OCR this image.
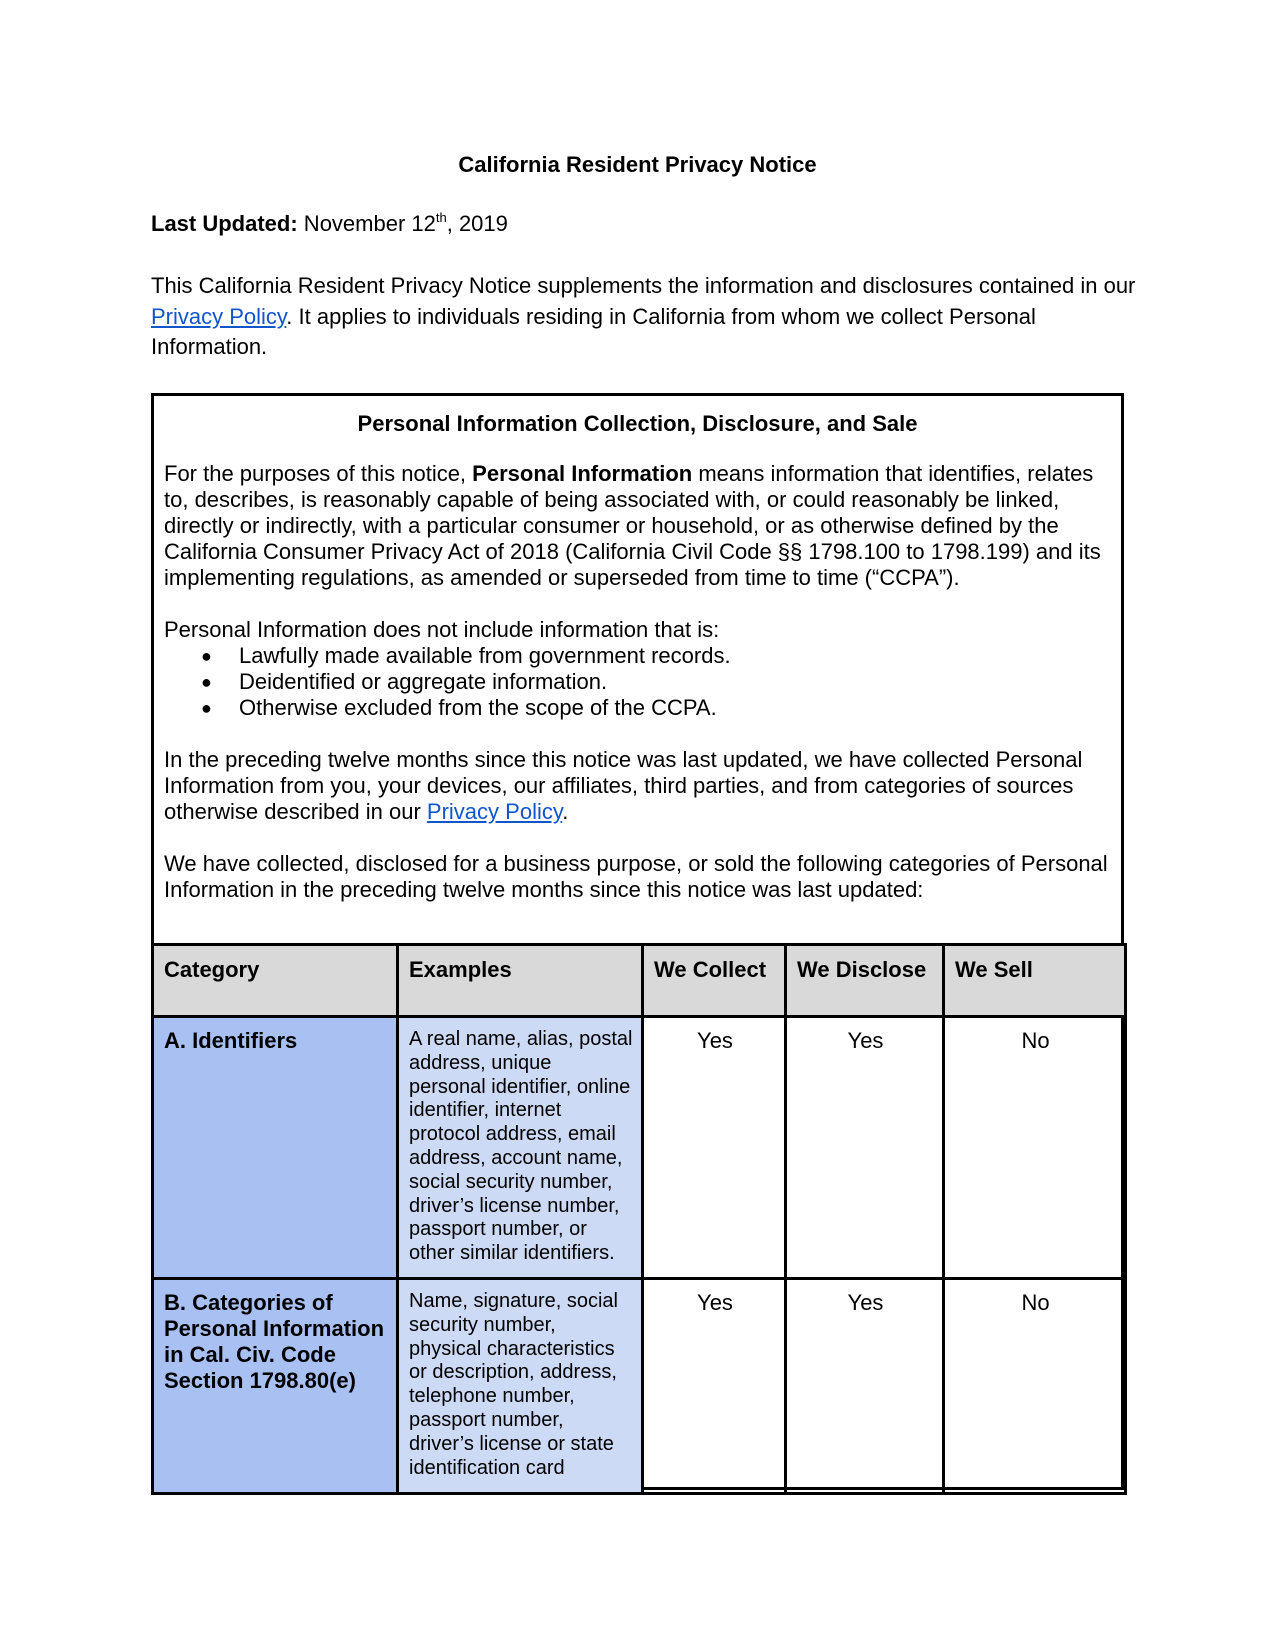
California Resident Privacy Notice
Last Updated: November 12th, 2019
This California Resident Privacy Notice supplements the information and disclosures contained in our Privacy Policy. It applies to individuals residing in California from whom we collect Personal Information.
Personal Information Collection, Disclosure, and Sale

For the purposes of this notice, Personal Information means information that identifies, relates to, describes, is reasonably capable of being associated with, or could reasonably be linked, directly or indirectly, with a particular consumer or household, or as otherwise defined by the California Consumer Privacy Act of 2018 (California Civil Code §§ 1798.100 to 1798.199) and its implementing regulations, as amended or superseded from time to time (“CCPA”).

Personal Information does not include information that is:

● Lawfully made available from government records.
● Deidentified or aggregate information.
● Otherwise excluded from the scope of the CCPA.

In the preceding twelve months since this notice was last updated, we have collected Personal Information from you, your devices, our affiliates, third parties, and from categories of sources otherwise described in our Privacy Policy.

We have collected, disclosed for a business purpose, or sold the following categories of Personal Information in the preceding twelve months since this notice was last updated:

Category	Examples	We Collect	We Disclose	We Sell
A. Identifiers	A real name, alias, postal address, unique personal identifier, online identifier, internet protocol address, email address, account name, social security number, driver’s license number, passport number, or other similar identifiers.	Yes	Yes	No
B. Categories of Personal Information in Cal. Civ. Code Section 1798.80(e)	Name, signature, social security number, physical characteristics or description, address, telephone number, passport number, driver’s license or state identification card	Yes	Yes	No
